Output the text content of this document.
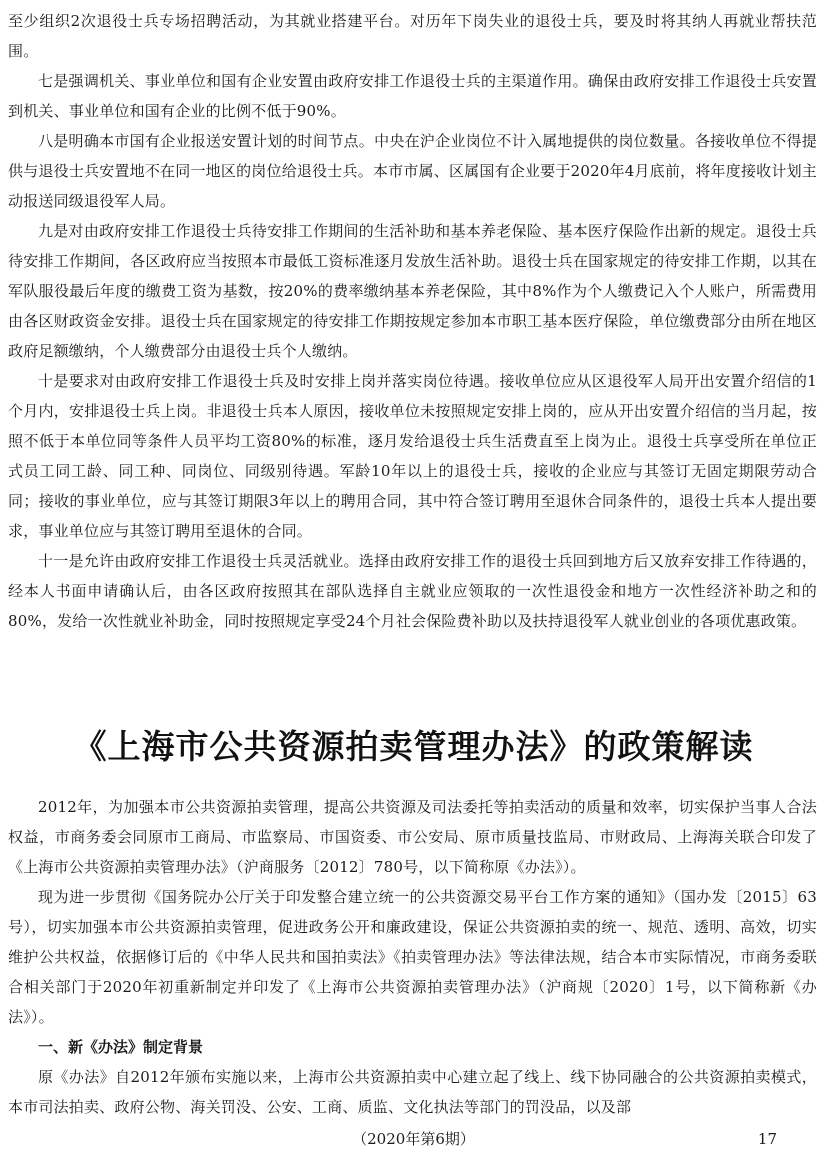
至少组织2次退役士兵专场招聘活动，为其就业搭建平台。对历年下岗失业的退役士兵，要及时将其纳人再就业帮扶范围。

七是强调机关、事业单位和国有企业安置由政府安排工作退役士兵的主渠道作用。确保由政府安排工作退役士兵安置到机关、事业单位和国有企业的比例不低于90%。

八是明确本市国有企业报送安置计划的时间节点。中央在沪企业岗位不计入属地提供的岗位数量。各接收单位不得提供与退役士兵安置地不在同一地区的岗位给退役士兵。本市市属、区属国有企业要于2020年4月底前，将年度接收计划主动报送同级退役军人局。

九是对由政府安排工作退役士兵待安排工作期间的生活补助和基本养老保险、基本医疗保险作出新的规定。退役士兵待安排工作期间，各区政府应当按照本市最低工资标准逐月发放生活补助。退役士兵在国家规定的待安排工作期，以其在军队服役最后年度的缴费工资为基数，按20%的费率缴纳基本养老保险，其中8%作为个人缴费记入个人账户，所需费用由各区财政资金安排。退役士兵在国家规定的待安排工作期按规定参加本市职工基本医疗保险，单位缴费部分由所在地区政府足额缴纳，个人缴费部分由退役士兵个人缴纳。

十是要求对由政府安排工作退役士兵及时安排上岗并落实岗位待遇。接收单位应从区退役军人局开出安置介绍信的1个月内，安排退役士兵上岗。非退役士兵本人原因，接收单位未按照规定安排上岗的，应从开出安置介绍信的当月起，按照不低于本单位同等条件人员平均工资80%的标准，逐月发给退役士兵生活费直至上岗为止。退役士兵享受所在单位正式员工同工龄、同工种、同岗位、同级别待遇。军龄10年以上的退役士兵，接收的企业应与其签订无固定期限劳动合同；接收的事业单位，应与其签订期限3年以上的聘用合同，其中符合签订聘用至退休合同条件的，退役士兵本人提出要求，事业单位应与其签订聘用至退休的合同。

十一是允许由政府安排工作退役士兵灵活就业。选择由政府安排工作的退役士兵回到地方后又放弃安排工作待遇的，经本人书面申请确认后，由各区政府按照其在部队选择自主就业应领取的一次性退役金和地方一次性经济补助之和的80%，发给一次性就业补助金，同时按照规定享受24个月社会保险费补助以及扶持退役军人就业创业的各项优惠政策。

《上海市公共资源拍卖管理办法》的政策解读

2012年，为加强本市公共资源拍卖管理，提高公共资源及司法委托等拍卖活动的质量和效率，切实保护当事人合法权益，市商务委会同原市工商局、市监察局、市国资委、市公安局、原市质量技监局、市财政局、上海海关联合印发了《上海市公共资源拍卖管理办法》（沪商服务〔2012〕780号，以下简称原《办法》）。

现为进一步贯彻《国务院办公厅关于印发整合建立统一的公共资源交易平台工作方案的通知》（国办发〔2015〕63号），切实加强本市公共资源拍卖管理，促进政务公开和廉政建设，保证公共资源拍卖的统一、规范、透明、高效，切实维护公共权益，依据修订后的《中华人民共和国拍卖法》《拍卖管理办法》等法律法规，结合本市实际情况，市商务委联合相关部门于2020年初重新制定并印发了《上海市公共资源拍卖管理办法》（沪商规〔2020〕1号，以下简称新《办法》）。

一、新《办法》制定背景

原《办法》自2012年颁布实施以来，上海市公共资源拍卖中心建立起了线上、线下协同融合的公共资源拍卖模式，本市司法拍卖、政府公物、海关罚没、公安、工商、质监、文化执法等部门的罚没品，以及部

（2020年第6期）	17
